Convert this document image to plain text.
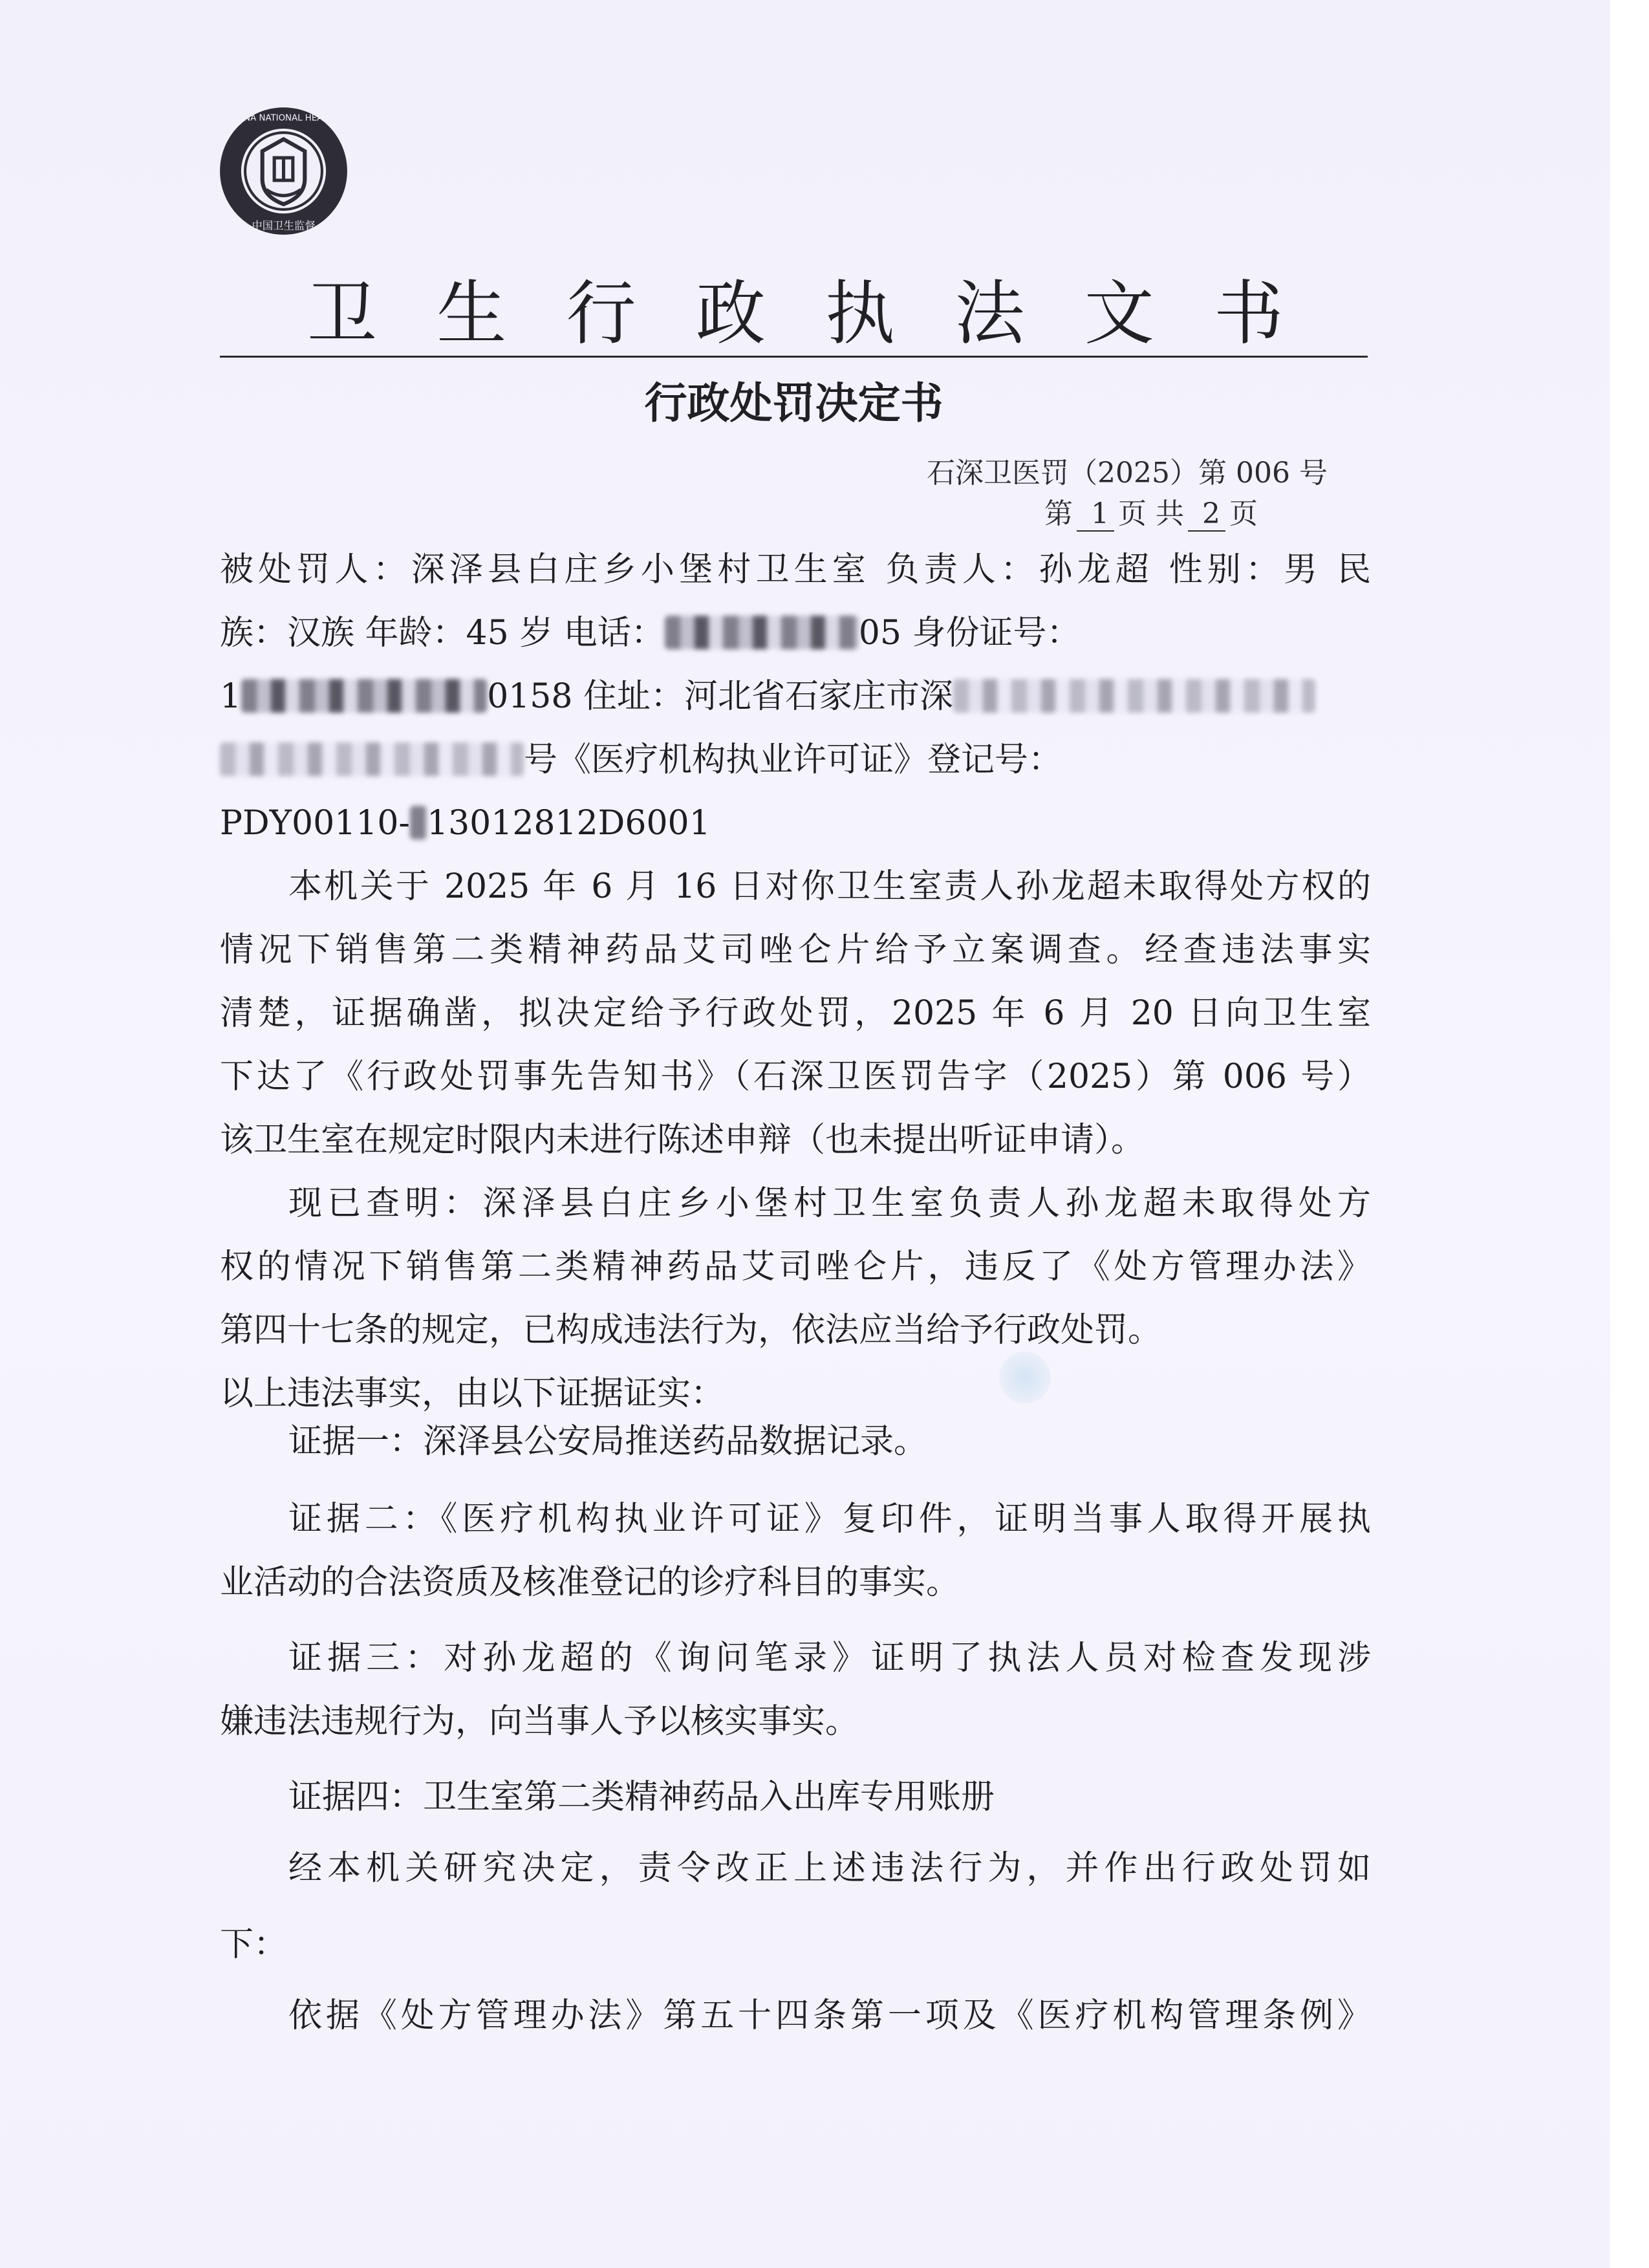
CHINA NATIONAL HEALTH
中国卫生监督
卫 生 行 政 执 法 文 书
行政处罚决定书
石深卫医罚（2025）第 006 号
第 1 页 共 2 页
被处罚人：深泽县白庄乡小堡村卫生室 负责人：孙龙超 性别：男 民
族：汉族 年龄：45 岁 电话：	05 身份证号：
1	0158 住址：河北省石家庄市深
号《医疗机构执业许可证》登记号：
PDY00110- 13012812D6001
本机关于 2025 年 6 月 16 日对你卫生室责人孙龙超未取得处方权的
情况下销售第二类精神药品艾司唑仑片给予立案调查。经查违法事实
清楚，证据确凿，拟决定给予行政处罚，2025 年 6 月 20 日向卫生室
下达了《行政处罚事先告知书》（石深卫医罚告字（2025）第 006 号）
该卫生室在规定时限内未进行陈述申辩（也未提出听证申请）。
现已查明：深泽县白庄乡小堡村卫生室负责人孙龙超未取得处方
权的情况下销售第二类精神药品艾司唑仑片，违反了《处方管理办法》
第四十七条的规定，已构成违法行为，依法应当给予行政处罚。
以上违法事实，由以下证据证实：
证据一：深泽县公安局推送药品数据记录。
证据二：《医疗机构执业许可证》复印件，证明当事人取得开展执
业活动的合法资质及核准登记的诊疗科目的事实。
证据三：对孙龙超的《询问笔录》证明了执法人员对检查发现涉
嫌违法违规行为，向当事人予以核实事实。
证据四：卫生室第二类精神药品入出库专用账册
经本机关研究决定，责令改正上述违法行为，并作出行政处罚如
下：
依据《处方管理办法》第五十四条第一项及《医疗机构管理条例》
